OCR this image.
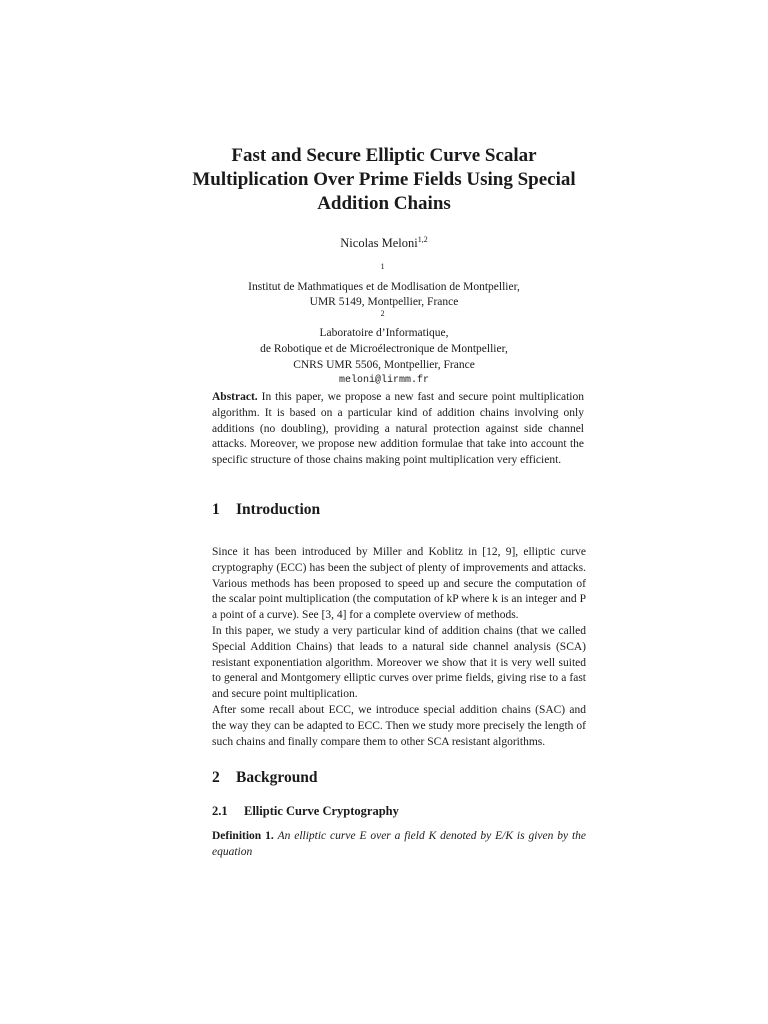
Fast and Secure Elliptic Curve Scalar
Multiplication Over Prime Fields Using Special
Addition Chains
Nicolas Meloni$^{1,2}$
$^1$
Institut de Mathmatiques et de Modlisation de Montpellier,
UMR 5149, Montpellier, France
$^2$
Laboratoire d’Informatique,
de Robotique et de Microélectronique de Montpellier,
CNRS UMR 5506, Montpellier, France
meloni@lirmm.fr
Abstract. In this paper, we propose a new fast and secure point multiplication algorithm. It is based on a particular kind of addition chains involving only additions (no doubling), providing a natural protection against side channel attacks. Moreover, we propose new addition formulae that take into account the specific structure of those chains making point multiplication very efficient.
1 Introduction

Since it has been introduced by Miller and Koblitz in [12, 9], elliptic curve cryptography (ECC) has been the subject of plenty of improvements and attacks. Various methods has been proposed to speed up and secure the computation of the scalar point multiplication (the computation of kP where k is an integer and P a point of a curve). See [3, 4] for a complete overview of methods.

In this paper, we study a very particular kind of addition chains (that we called Special Addition Chains) that leads to a natural side channel analysis (SCA) resistant exponentiation algorithm. Moreover we show that it is very well suited to general and Montgomery elliptic curves over prime fields, giving rise to a fast and secure point multiplication.

After some recall about ECC, we introduce special addition chains (SAC) and the way they can be adapted to ECC. Then we study more precisely the length of such chains and finally compare them to other SCA resistant algorithms.

2 Background
2.1 Elliptic Curve Cryptography
Definition 1. An elliptic curve E over a field K denoted by E/K is given by the equation
